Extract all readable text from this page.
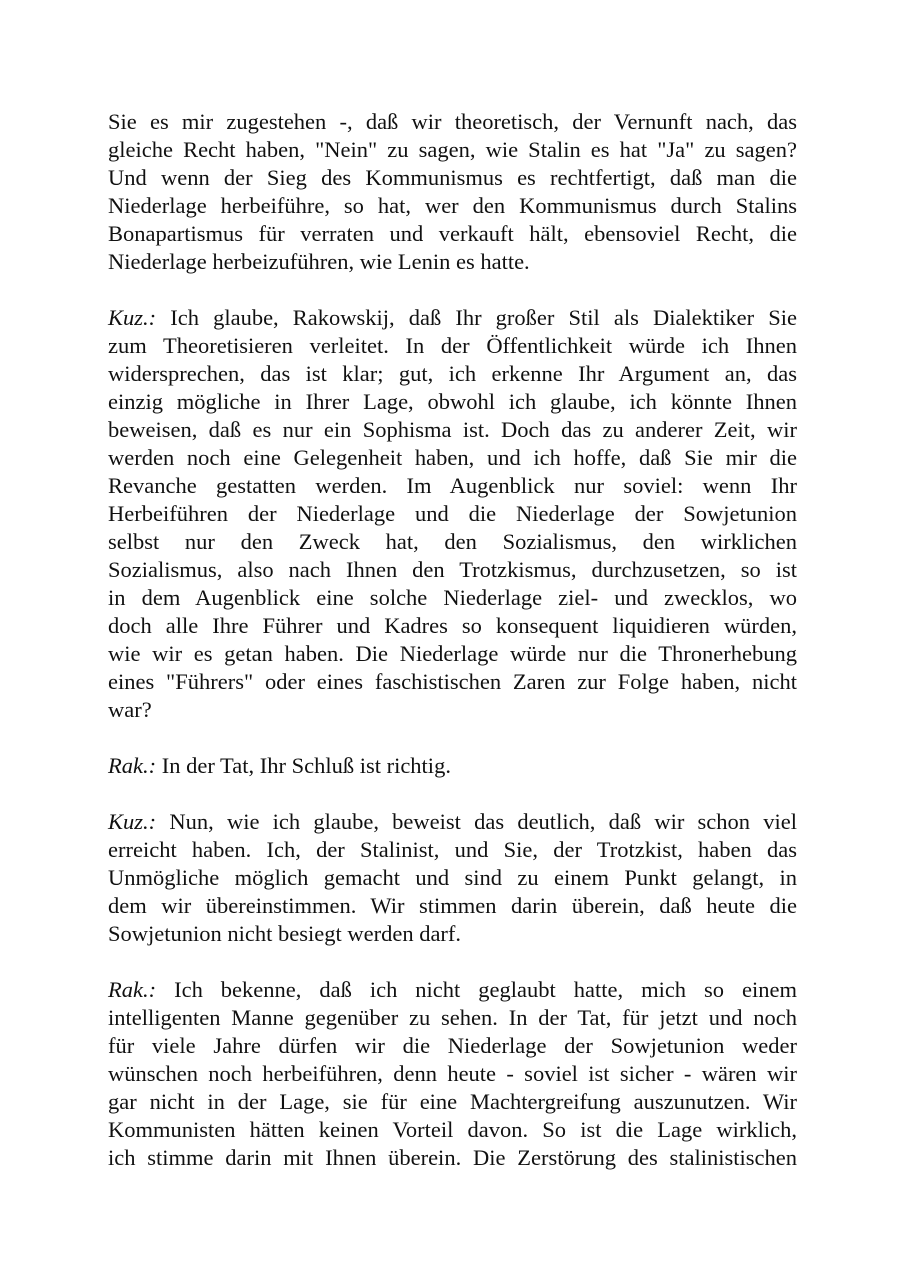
Sie es mir zugestehen -, daß wir theoretisch, der Vernunft nach, das
gleiche Recht haben, "Nein" zu sagen, wie Stalin es hat "Ja" zu sagen?
Und wenn der Sieg des Kommunismus es rechtfertigt, daß man die
Niederlage herbeiführe, so hat, wer den Kommunismus durch Stalins
Bonapartismus für verraten und verkauft hält, ebensoviel Recht, die
Niederlage herbeizuführen, wie Lenin es hatte.
Kuz.: Ich glaube, Rakowskij, daß Ihr großer Stil als Dialektiker Sie
zum Theoretisieren verleitet. In der Öffentlichkeit würde ich Ihnen
widersprechen, das ist klar; gut, ich erkenne Ihr Argument an, das
einzig mögliche in Ihrer Lage, obwohl ich glaube, ich könnte Ihnen
beweisen, daß es nur ein Sophisma ist. Doch das zu anderer Zeit, wir
werden noch eine Gelegenheit haben, und ich hoffe, daß Sie mir die
Revanche gestatten werden. Im Augenblick nur soviel: wenn Ihr
Herbeiführen der Niederlage und die Niederlage der Sowjetunion
selbst nur den Zweck hat, den Sozialismus, den wirklichen
Sozialismus, also nach Ihnen den Trotzkismus, durchzusetzen, so ist
in dem Augenblick eine solche Niederlage ziel- und zwecklos, wo
doch alle Ihre Führer und Kadres so konsequent liquidieren würden,
wie wir es getan haben. Die Niederlage würde nur die Thronerhebung
eines "Führers" oder eines faschistischen Zaren zur Folge haben, nicht
war?
Rak.: In der Tat, Ihr Schluß ist richtig.
Kuz.: Nun, wie ich glaube, beweist das deutlich, daß wir schon viel
erreicht haben. Ich, der Stalinist, und Sie, der Trotzkist, haben das
Unmögliche möglich gemacht und sind zu einem Punkt gelangt, in
dem wir übereinstimmen. Wir stimmen darin überein, daß heute die
Sowjetunion nicht besiegt werden darf.
Rak.: Ich bekenne, daß ich nicht geglaubt hatte, mich so einem
intelligenten Manne gegenüber zu sehen. In der Tat, für jetzt und noch
für viele Jahre dürfen wir die Niederlage der Sowjetunion weder
wünschen noch herbeiführen, denn heute - soviel ist sicher - wären wir
gar nicht in der Lage, sie für eine Machtergreifung auszunutzen. Wir
Kommunisten hätten keinen Vorteil davon. So ist die Lage wirklich,
ich stimme darin mit Ihnen überein. Die Zerstörung des stalinistischen
